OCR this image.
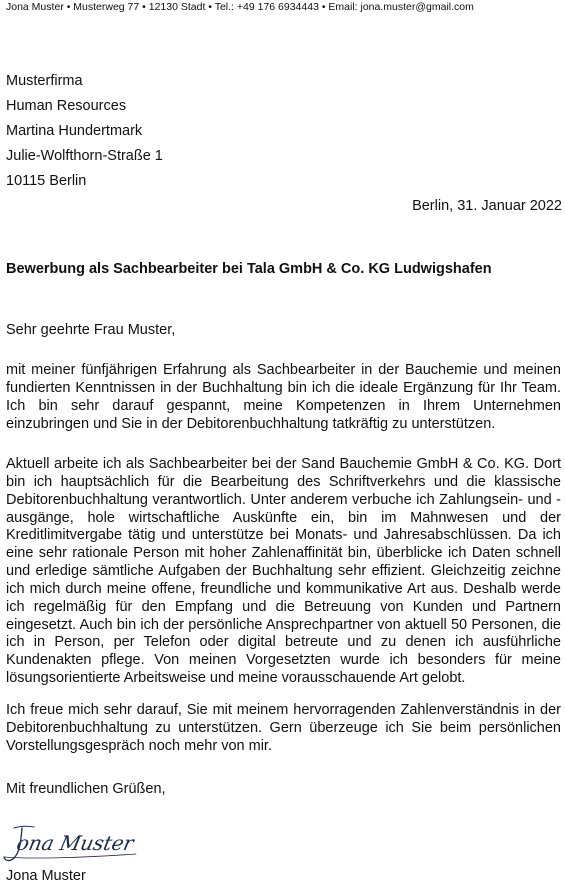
Jona Muster • Musterweg 77 • 12130 Stadt • Tel.: +49 176 6934443 • Email: jona.muster@gmail.com
Musterfirma
Human Resources
Martina Hundertmark
Julie-Wolfthorn-Straße 1
10115 Berlin
Berlin, 31. Januar 2022
Bewerbung als Sachbearbeiter bei Tala GmbH & Co. KG Ludwigshafen
Sehr geehrte Frau Muster,
mit meiner fünfjährigen Erfahrung als Sachbearbeiter in der Bauchemie und meinen fundierten Kenntnissen in der Buchhaltung bin ich die ideale Ergänzung für Ihr Team. Ich bin sehr darauf gespannt, meine Kompetenzen in Ihrem Unternehmen einzubringen und Sie in der Debitorenbuchhaltung tatkräftig zu unterstützen.
Aktuell arbeite ich als Sachbearbeiter bei der Sand Bauchemie GmbH & Co. KG. Dort bin ich hauptsächlich für die Bearbeitung des Schriftverkehrs und die klassische Debitorenbuchhaltung verantwortlich. Unter anderem verbuche ich Zahlungsein- und -ausgänge, hole wirtschaftliche Auskünfte ein, bin im Mahnwesen und der Kreditlimitvergabe tätig und unterstütze bei Monats- und Jahresabschlüssen. Da ich eine sehr rationale Person mit hoher Zahlenaffinität bin, überblicke ich Daten schnell und erledige sämtliche Aufgaben der Buchhaltung sehr effizient. Gleichzeitig zeichne ich mich durch meine offene, freundliche und kommunikative Art aus. Deshalb werde ich regelmäßig für den Empfang und die Betreuung von Kunden und Partnern eingesetzt. Auch bin ich der persönliche Ansprechpartner von aktuell 50 Personen, die ich in Person, per Telefon oder digital betreute und zu denen ich ausführliche Kundenakten pflege. Von meinen Vorgesetzten wurde ich besonders für meine lösungsorientierte Arbeitsweise und meine vorausschauende Art gelobt.
Ich freue mich sehr darauf, Sie mit meinem hervorragenden Zahlenverständnis in der Debitorenbuchhaltung zu unterstützen. Gern überzeuge ich Sie beim persönlichen Vorstellungsgespräch noch mehr von mir.
Mit freundlichen Grüßen,
ona Muster
Jona Muster
